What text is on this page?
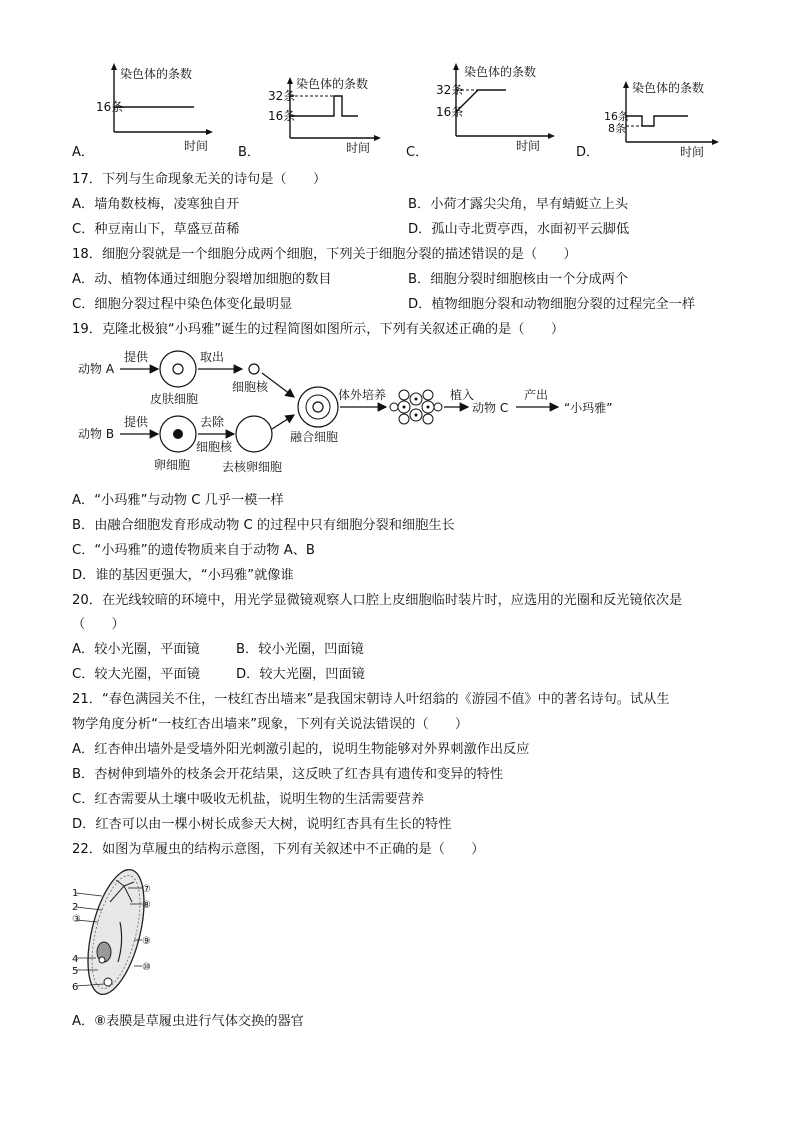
染色体的条数
16条
时间
A．
染色体的条数
32条
16条
时间
B．
染色体的条数
32条
16条
时间
C．
染色体的条数
16条
8条
时间
D．
17．下列与生命现象无关的诗句是（　　）
A．墙角数枝梅，凌寒独自开	B．小荷才露尖尖角，早有蜻蜓立上头
C．种豆南山下，草盛豆苗稀	D．孤山寺北贾亭西，水面初平云脚低
18．细胞分裂就是一个细胞分成两个细胞，下列关于细胞分裂的描述错误的是（　　）
A．动、植物体通过细胞分裂增加细胞的数目	B．细胞分裂时细胞核由一个分成两个
C．细胞分裂过程中染色体变化最明显	D．植物细胞分裂和动物细胞分裂的过程完全一样
19．克隆北极狼“小玛雅”诞生的过程简图如图所示，下列有关叙述正确的是（　　）
动物 A
提供
皮肤细胞
取出
细胞核
动物 B
提供
卵细胞
去除
细胞核
去核卵细胞
融合细胞
体外培养	植入
动物 C
产出
“小玛雅”
A．“小玛雅”与动物 C 几乎一模一样
B．由融合细胞发育形成动物 C 的过程中只有细胞分裂和细胞生长
C．“小玛雅”的遗传物质来自于动物 A、B
D．谁的基因更强大，“小玛雅”就像谁
20．在光线较暗的环境中，用光学显微镜观察人口腔上皮细胞临时装片时，应选用的光圈和反光镜依次是
（　　）
A．较小光圈，平面镜	B．较小光圈，凹面镜
C．较大光圈，平面镜	D．较大光圈，凹面镜
21．“春色满园关不住，一枝红杏出墙来”是我国宋朝诗人叶绍翁的《游园不值》中的著名诗句。试从生
物学角度分析“一枝红杏出墙来”现象，下列有关说法错误的（　　）
A．红杏伸出墙外是受墙外阳光刺激引起的，说明生物能够对外界刺激作出反应
B．杏树伸到墙外的枝条会开花结果，这反映了红杏具有遗传和变异的特性
C．红杏需要从土壤中吸收无机盐，说明生物的生活需要营养
D．红杏可以由一棵小树长成参天大树，说明红杏具有生长的特性
22．如图为草履虫的结构示意图，下列有关叙述中不正确的是（　　）
1
2
③
4
5
6
⑦
⑧
⑨
⑩
A．⑧表膜是草履虫进行气体交换的器官
